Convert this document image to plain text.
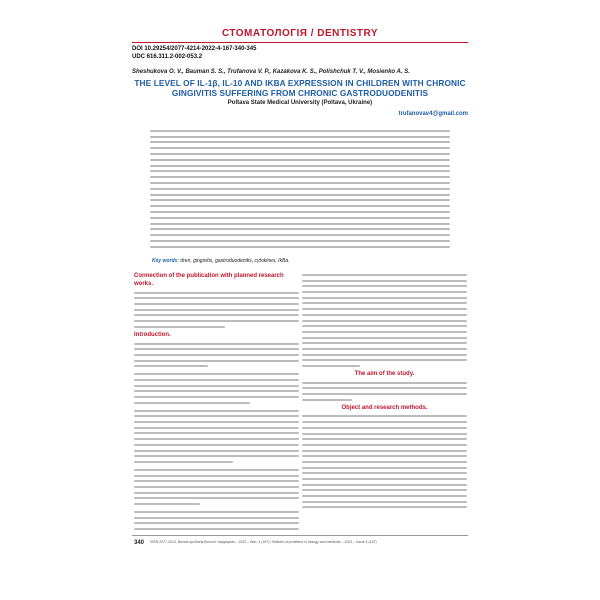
СТОМАТОЛОГІЯ / DENTISTRY
DOI 10.29254/2077-4214-2022-4-167-340-345
UDC 616.311.2-002-053.2
Sheshukova O. V., Bauman S. S., Trufanova V. P., Kazakova K. S., Polishchuk T. V., Mosienko A. S.
THE LEVEL OF IL-1β, IL-10 AND IKBA EXPRESSION IN CHILDREN WITH CHRONIC GINGIVITIS SUFFERING FROM CHRONIC GASTRODUODENITIS
Poltava State Medical University (Poltava, Ukraine)
trufanovav4@gmail.com
Key words: dren, gingivitis, gastroduodenitis, cytokines, IkBa.
Connection of the publication with planned research works.
Introduction.
The aim of the study.
Object and research methods.
340 ISSN 2077-4214. Вісник проблем біології і медицини – 2022 – Вип. 4 (167) / Bulletin of problems in biology and medicine – 2022 – Issue 4 (167)
